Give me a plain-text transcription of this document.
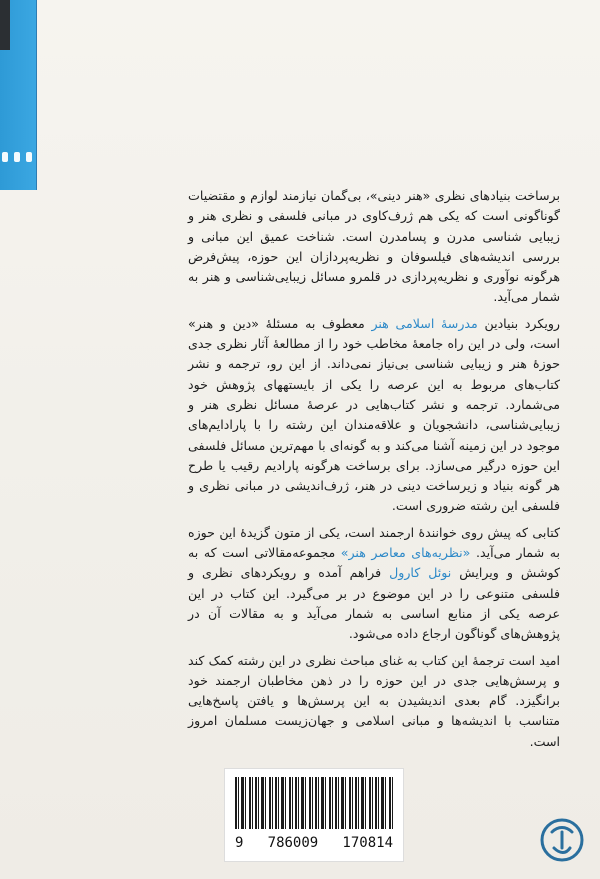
برساخت بنیادهای نظری «هنر دینی»، بی‌گمان نیازمند لوازم و مقتضیات گوناگونی است که یکی هم ژرف‌کاوی در مبانی فلسفی و نظری هنر و زیبایی شناسی مدرن و پسامدرن است. شناخت عمیق این مبانی و بررسی اندیشه‌های فیلسوفان و نظریه‌پردازان این حوزه، پیش‌فرض هرگونه نوآوری و نظریه‌پردازی در قلمرو مسائل زیبایی‌شناسی و هنر به شمار می‌آید.

رویکرد بنیادین مدرسهٔ اسلامی هنر معطوف به مسئلهٔ «دین و هنر» است، ولی در این راه جامعهٔ مخاطب خود را از مطالعهٔ آثار نظری جدی حوزهٔ هنر و زیبایی شناسی بی‌نیاز نمی‌داند. از این رو، ترجمه و نشر کتاب‌های مربوط به این عرصه را یکی از بایستههای پژوهش خود می‌شمارد. ترجمه و نشر کتاب‌هایی در عرصهٔ مسائل نظری هنر و زیبایی‌شناسی، دانشجویان و علاقه‌مندان این رشته را با پارادایم‌های موجود در این زمینه آشنا می‌کند و به گونه‌ای با مهم‌ترین مسائل فلسفی این حوزه درگیر می‌سازد. برای برساخت هرگونه پارادیم رقیب یا طرح هر گونه بنیاد و زیرساخت دینی در هنر، ژرف‌اندیشی در مبانی نظری و فلسفی این رشته ضروری است.

کتابی که پیش روی خوانندهٔ ارجمند است، یکی از متون گزیدهٔ این حوزه به شمار می‌آید. «نظریه‌های معاصر هنر» مجموعه‌مقالاتی است که به کوشش و ویرایش نوئل کارول فراهم آمده و رویکردهای نظری و فلسفی متنوعی را در این موضوع در بر می‌گیرد. این کتاب در این عرصه یکی از منابع اساسی به شمار می‌آید و به مقالات آن در پژوهش‌های گوناگون ارجاع داده می‌شود.

امید است ترجمهٔ این کتاب به غنای مباحث نظری در این رشته کمک کند و پرسش‌هایی جدی در این حوزه را در ذهن مخاطبان ارجمند خود برانگیزد. گام بعدی اندیشیدن به این پرسش‌ها و یافتن پاسخ‌هایی متناسب با اندیشه‌ها و مبانی اسلامی و جهان‌زیست مسلمان امروز است.

9 786009 170814
